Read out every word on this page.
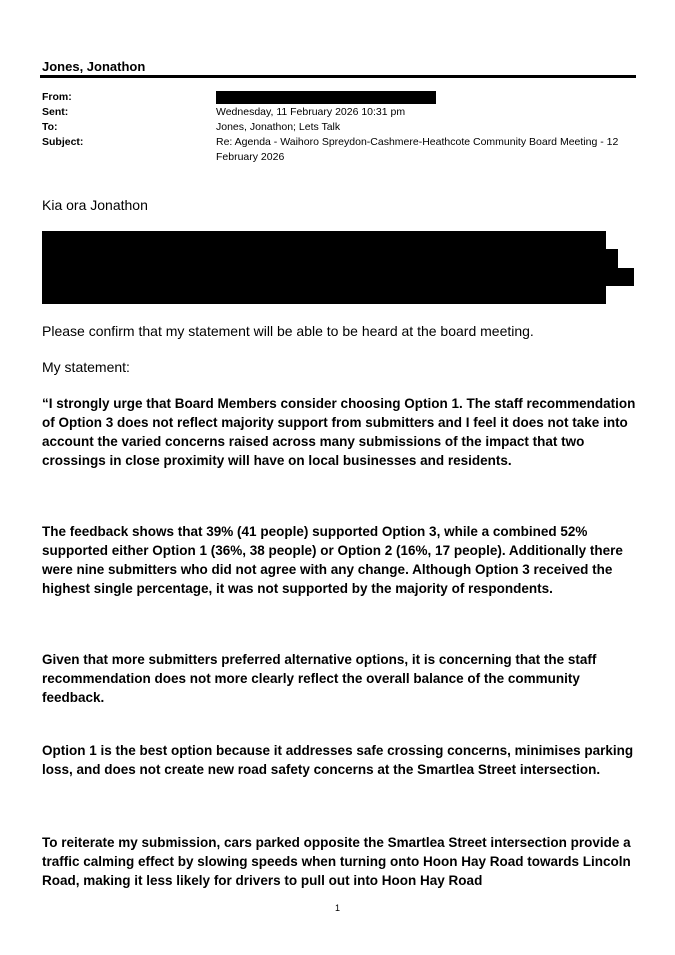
Jones, Jonathon
From:
Sent:	Wednesday, 11 February 2026 10:31 pm
To:	Jones, Jonathon; Lets Talk
Subject:	Re: Agenda - Waihoro Spreydon-Cashmere-Heathcote Community Board Meeting - 12 February 2026
Kia ora Jonathon
Please confirm that my statement will be able to be heard at the board meeting.
My statement:
“I strongly urge that Board Members consider choosing Option 1. The staff recommendation of Option 3 does not reflect majority support from submitters and I feel it does not take into account the varied concerns raised across many submissions of the impact that two crossings in close proximity will have on local businesses and residents.
The feedback shows that 39% (41 people) supported Option 3, while a combined 52% supported either Option 1 (36%, 38 people) or Option 2 (16%, 17 people). Additionally there were nine submitters who did not agree with any change. Although Option 3 received the highest single percentage, it was not supported by the majority of respondents.
Given that more submitters preferred alternative options, it is concerning that the staff recommendation does not more clearly reflect the overall balance of the community feedback.
Option 1 is the best option because it addresses safe crossing concerns, minimises parking loss, and does not create new road safety concerns at the Smartlea Street intersection.
To reiterate my submission, cars parked opposite the Smartlea Street intersection provide a traffic calming effect by slowing speeds when turning onto Hoon Hay Road towards Lincoln Road, making it less likely for drivers to pull out into Hoon Hay Road
1
